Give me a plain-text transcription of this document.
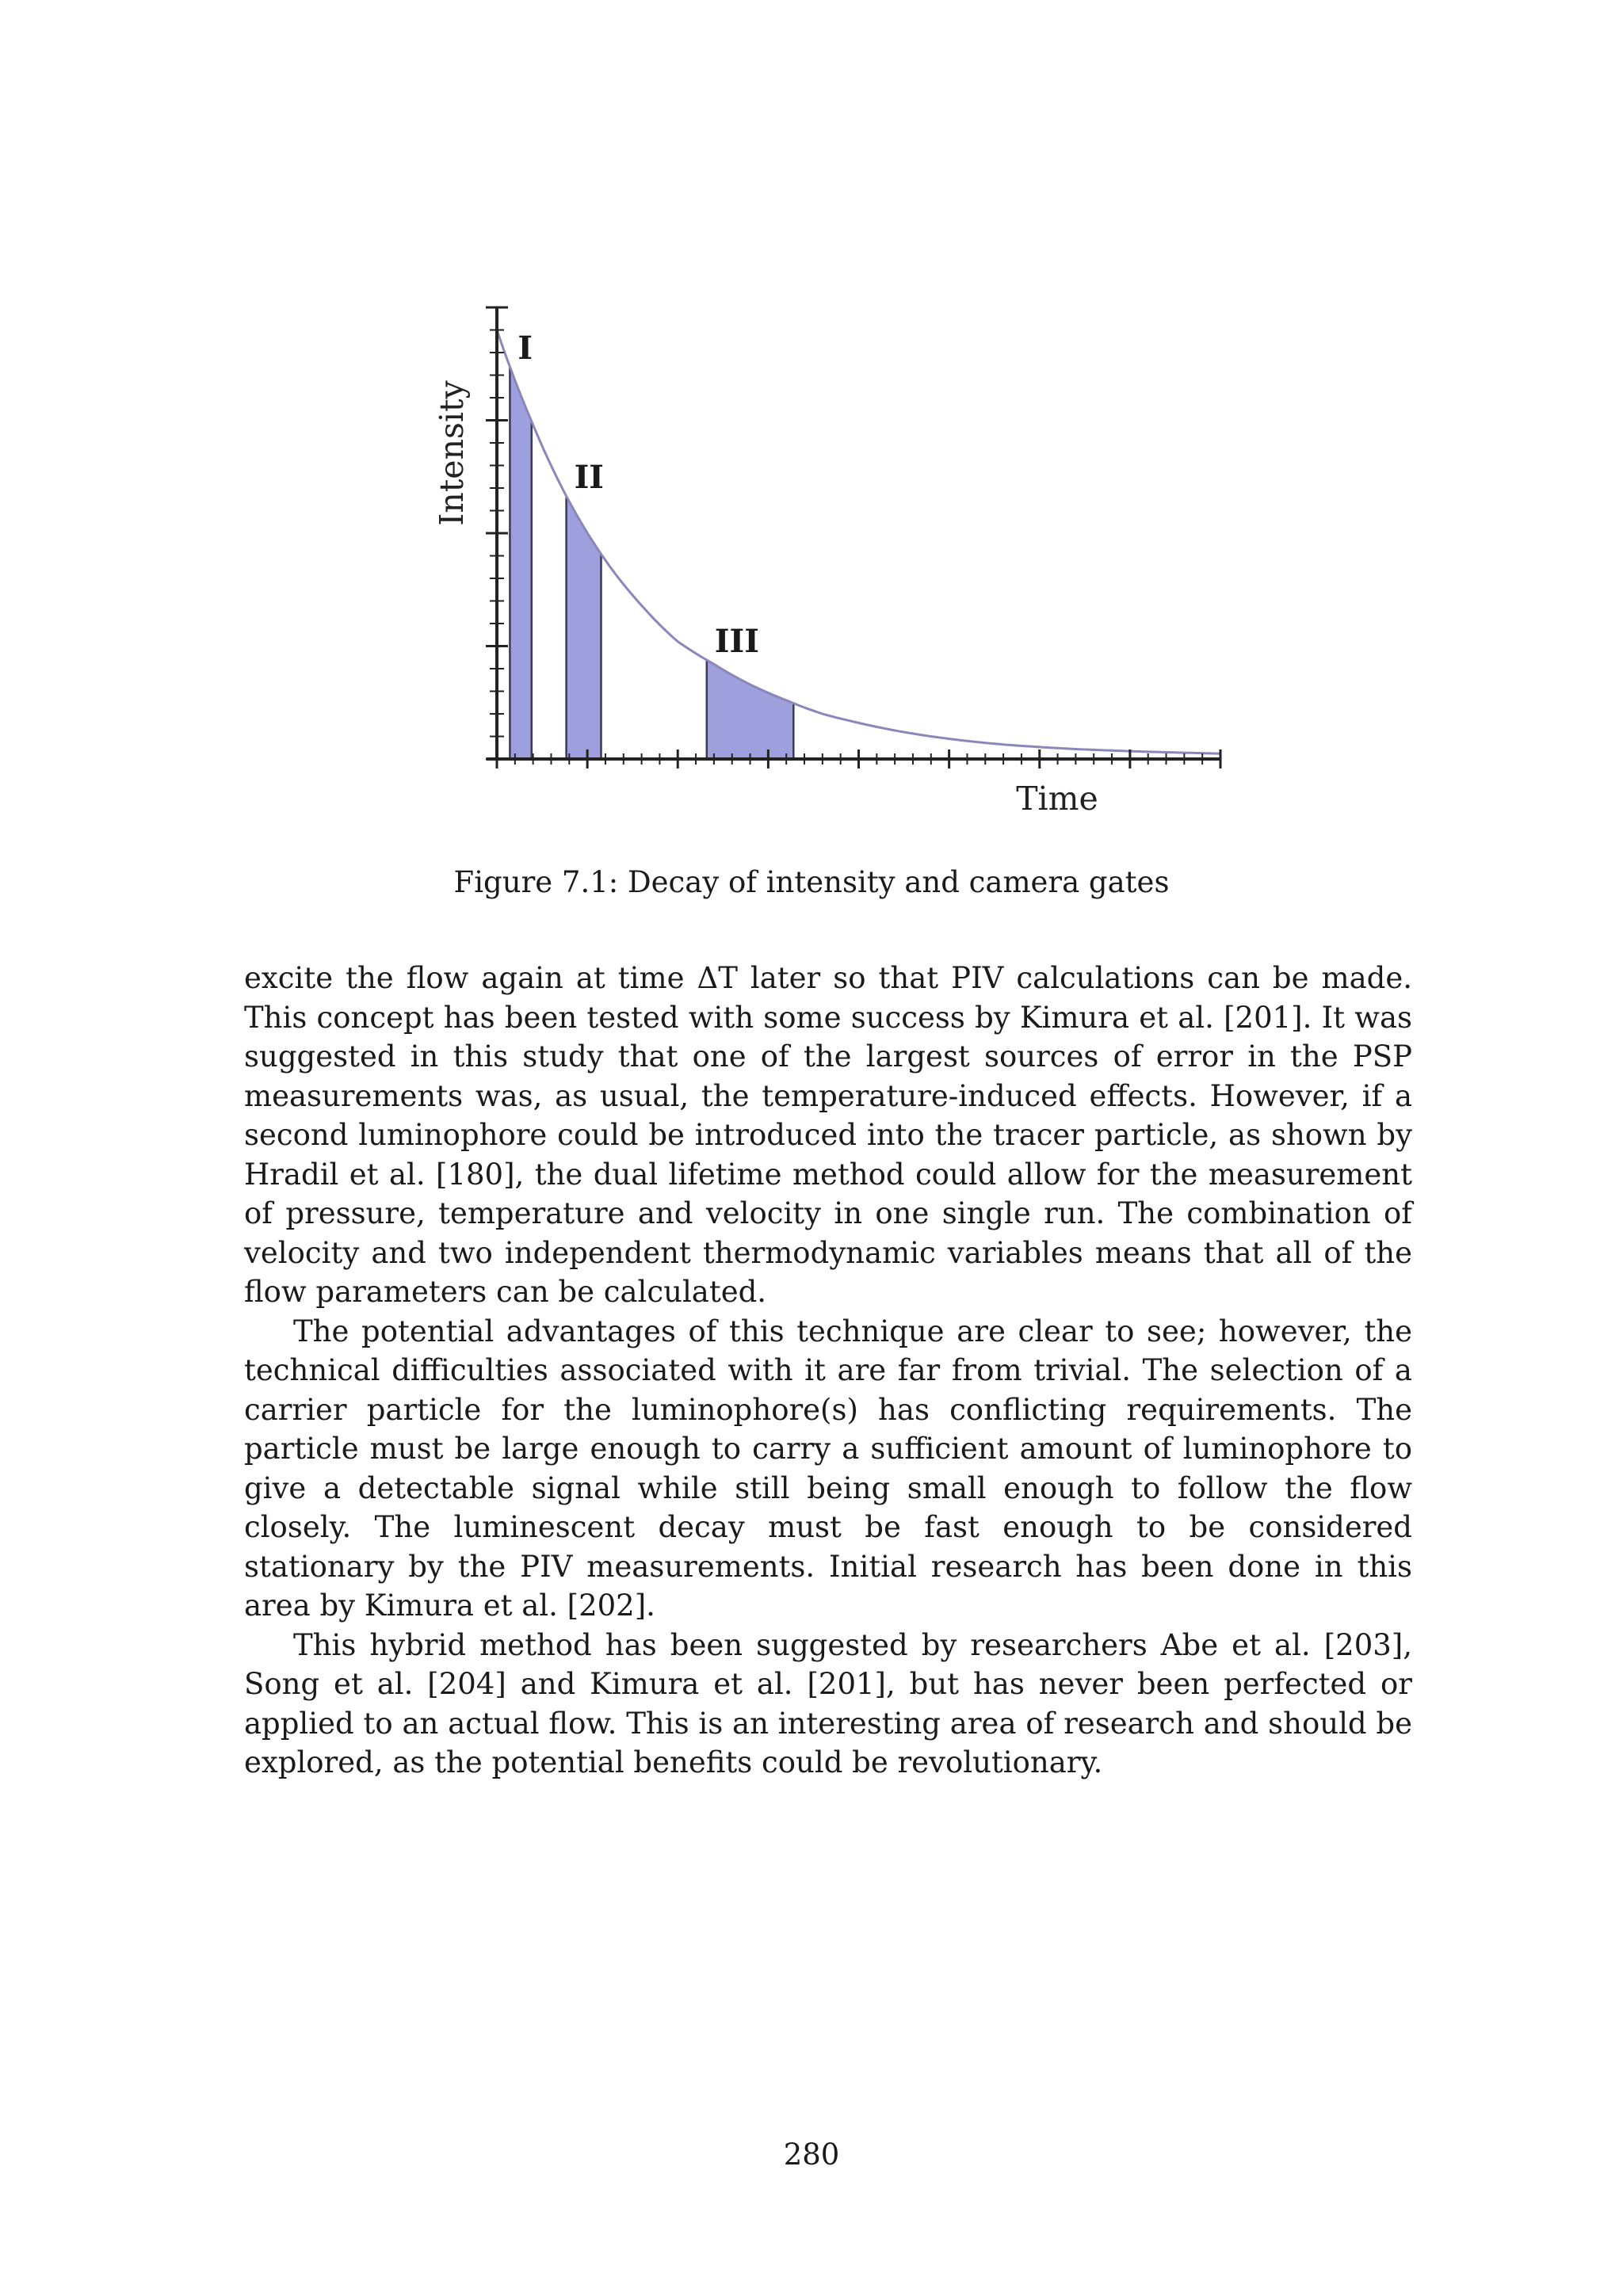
I
II
III
Intensity
Time
Figure 7.1: Decay of intensity and camera gates

excite the flow again at time ΔT later so that PIV calculations can be made. This concept has been tested with some success by Kimura et al. [201]. It was suggested in this study that one of the largest sources of error in the PSP measurements was, as usual, the temperature-induced effects. However, if a second luminophore could be introduced into the tracer particle, as shown by Hradil et al. [180], the dual lifetime method could allow for the measurement of pressure, temperature and velocity in one single run. The combination of velocity and two independent thermodynamic variables means that all of the flow parameters can be calculated.

The potential advantages of this technique are clear to see; however, the technical difficulties associated with it are far from trivial. The selection of a carrier particle for the luminophore(s) has conflicting requirements. The particle must be large enough to carry a sufficient amount of luminophore to give a detectable signal while still being small enough to follow the flow closely. The luminescent decay must be fast enough to be considered stationary by the PIV measurements. Initial research has been done in this area by Kimura et al. [202].

This hybrid method has been suggested by researchers Abe et al. [203], Song et al. [204] and Kimura et al. [201], but has never been perfected or applied to an actual flow. This is an interesting area of research and should be explored, as the potential benefits could be revolutionary.

280
